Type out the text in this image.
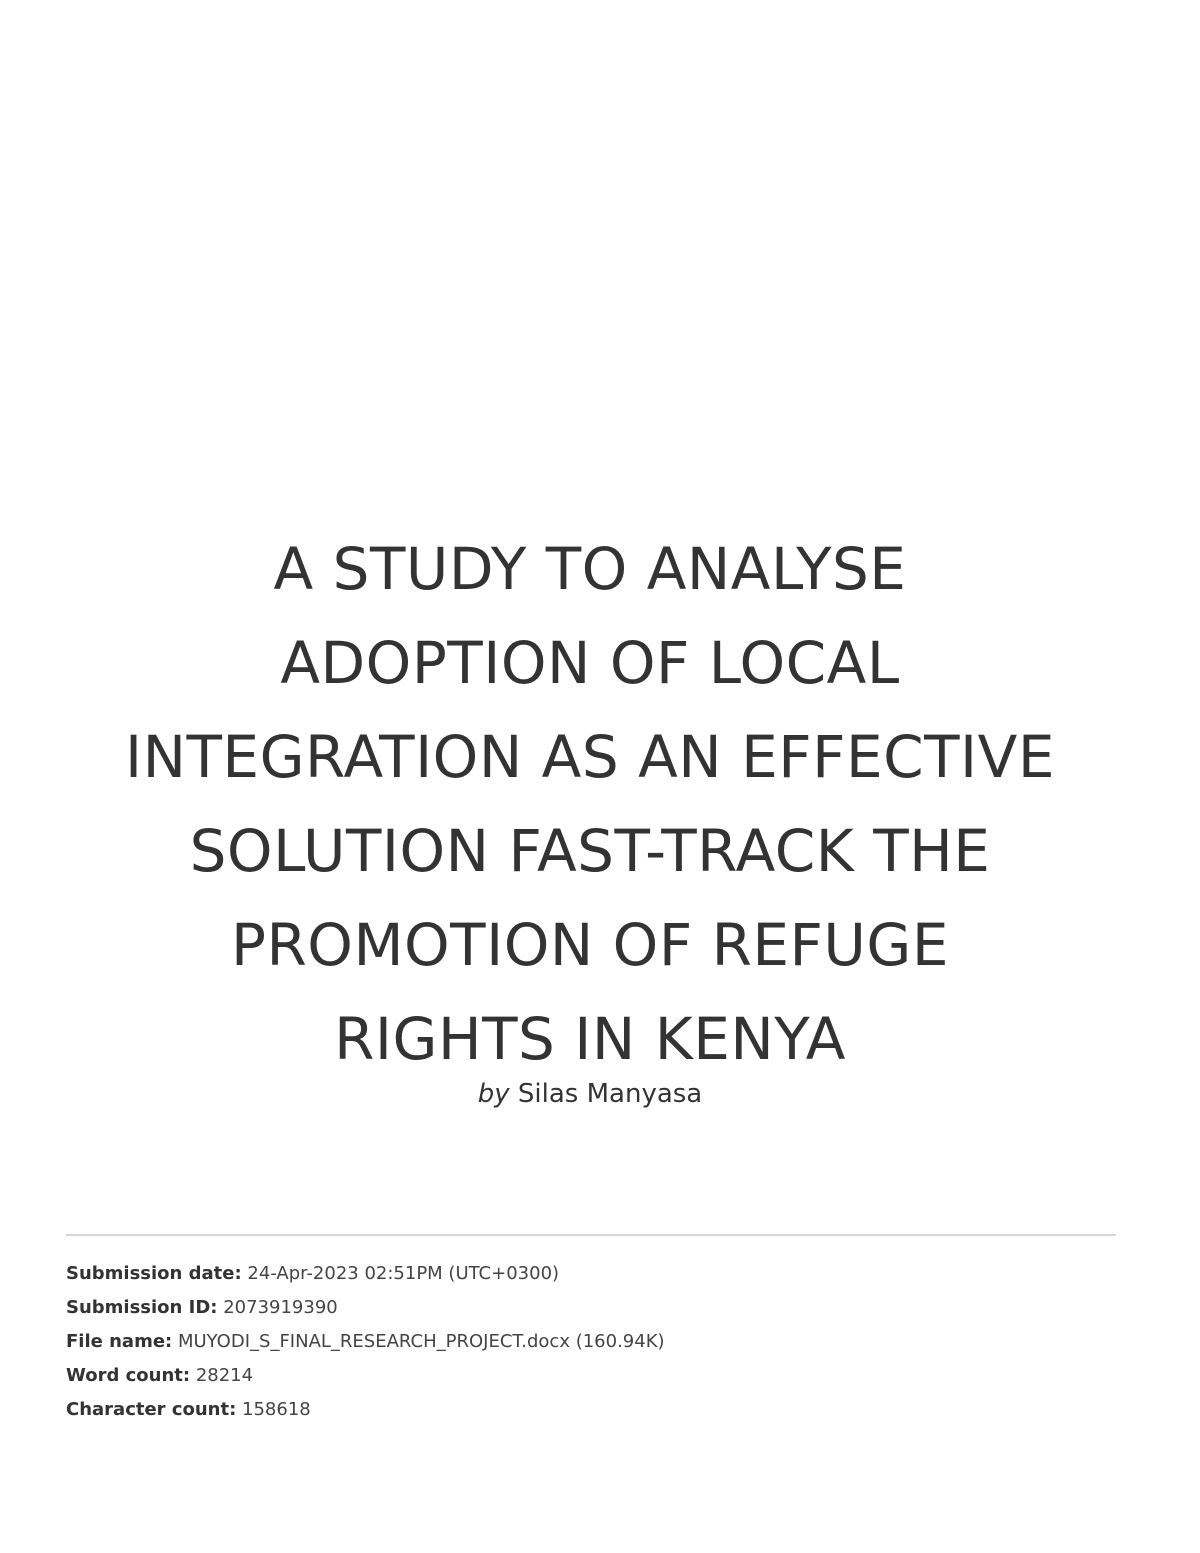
A STUDY TO ANALYSE
ADOPTION OF LOCAL
INTEGRATION AS AN EFFECTIVE
SOLUTION FAST-TRACK THE
PROMOTION OF REFUGE
RIGHTS IN KENYA
by Silas Manyasa
Submission date: 24-Apr-2023 02:51PM (UTC+0300)
Submission ID: 2073919390
File name: MUYODI_S_FINAL_RESEARCH_PROJECT.docx (160.94K)
Word count: 28214
Character count: 158618
